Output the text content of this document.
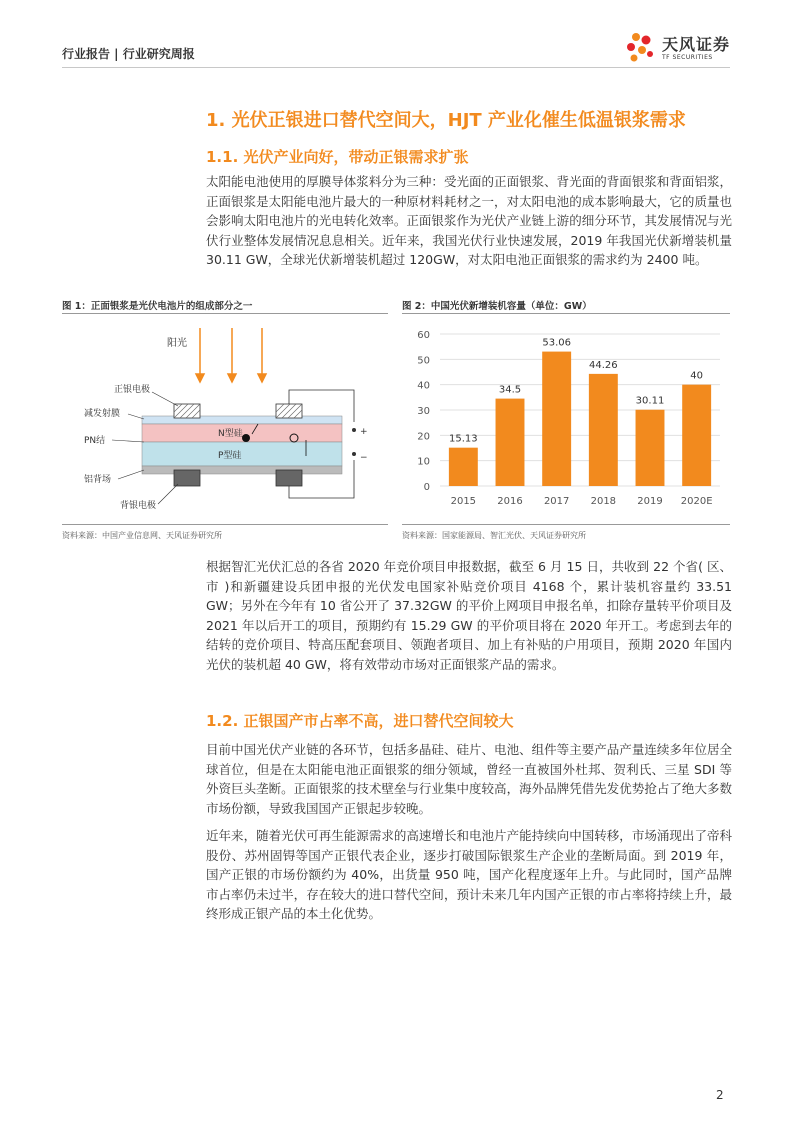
行业报告 | 行业研究周报	天风证券
TF SECURITIES
1. 光伏正银进口替代空间大，HJT 产业化催生低温银浆需求
1.1. 光伏产业向好，带动正银需求扩张

太阳能电池使用的厚膜导体浆料分为三种：受光面的正面银浆、背光面的背面银浆和背面铝浆，正面银浆是太阳能电池片最大的一种原材料耗材之一，对太阳电池的成本影响最大，它的质量也会影响太阳电池片的光电转化效率。正面银浆作为光伏产业链上游的细分环节，其发展情况与光伏行业整体发展情况息息相关。近年来，我国光伏行业快速发展，2019 年我国光伏新增装机量 30.11 GW，全球光伏新增装机超过 120GW，对太阳电池正面银浆的需求约为 2400 吨。

图 1：正面银浆是光伏电池片的组成部分之一
阳光
+
−
N型硅
P型硅
正银电极
减发射膜
PN结
铝背场
背银电极
资料来源：中国产业信息网、天风证券研究所
图 2：中国光伏新增装机容量（单位：GW）
0
10
20
30
40
50
60
15.13
2015
34.5
2016
53.06
2017
44.26
2018
30.11
2019
40
2020E
资料来源：国家能源局、智汇光伏、天风证券研究所

根据智汇光伏汇总的各省 2020 年竞价项目申报数据，截至 6 月 15 日，共收到 22 个省( 区、市 )和新疆建设兵团申报的光伏发电国家补贴竞价项目 4168 个，累计装机容量约 33.51 GW；另外在今年有 10 省公开了 37.32GW 的平价上网项目申报名单，扣除存量转平价项目及 2021 年以后开工的项目，预期约有 15.29 GW 的平价项目将在 2020 年开工。考虑到去年的结转的竞价项目、特高压配套项目、领跑者项目、加上有补贴的户用项目，预期 2020 年国内光伏的装机超 40 GW，将有效带动市场对正面银浆产品的需求。

1.2. 正银国产市占率不高，进口替代空间较大

目前中国光伏产业链的各环节，包括多晶硅、硅片、电池、组件等主要产品产量连续多年位居全球首位，但是在太阳能电池正面银浆的细分领域，曾经一直被国外杜邦、贺利氏、三星 SDI 等外资巨头垄断。正面银浆的技术壁垒与行业集中度较高，海外品牌凭借先发优势抢占了绝大多数市场份额，导致我国国产正银起步较晚。

近年来，随着光伏可再生能源需求的高速增长和电池片产能持续向中国转移，市场涌现出了帝科股份、苏州固锝等国产正银代表企业，逐步打破国际银浆生产企业的垄断局面。到 2019 年，国产正银的市场份额约为 40%，出货量 950 吨，国产化程度逐年上升。与此同时，国产品牌市占率仍未过半，存在较大的进口替代空间，预计未来几年内国产正银的市占率将持续上升，最终形成正银产品的本土化优势。

2
